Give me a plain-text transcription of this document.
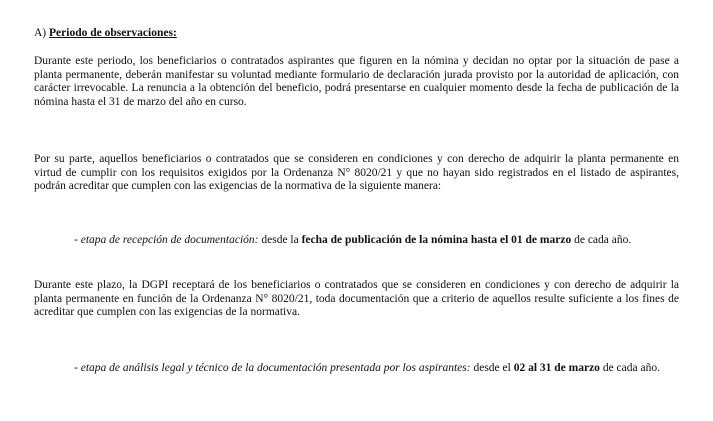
A) Periodo de observaciones:

Durante este periodo, los beneficiarios o contratados aspirantes que figuren en la nómina y decidan no optar por la situación de pase a planta permanente, deberán manifestar su voluntad mediante formulario de declaración jurada provisto por la autoridad de aplicación, con carácter irrevocable. La renuncia a la obtención del beneficio, podrá presentarse en cualquier momento desde la fecha de publicación de la nómina hasta el 31 de marzo del año en curso.

Por su parte, aquellos beneficiarios o contratados que se consideren en condiciones y con derecho de adquirir la planta permanente en virtud de cumplir con los requisitos exigidos por la Ordenanza N° 8020/21 y que no hayan sido registrados en el listado de aspirantes, podrán acreditar que cumplen con las exigencias de la normativa de la siguiente manera:

- etapa de recepción de documentación: desde la fecha de publicación de la nómina hasta el 01 de marzo de cada año.

Durante este plazo, la DGPI receptará de los beneficiarios o contratados que se consideren en condiciones y con derecho de adquirir la planta permanente en función de la Ordenanza N° 8020/21, toda documentación que a criterio de aquellos resulte suficiente a los fines de acreditar que cumplen con las exigencias de la normativa.

- etapa de análisis legal y técnico de la documentación presentada por los aspirantes: desde el 02 al 31 de marzo de cada año.
